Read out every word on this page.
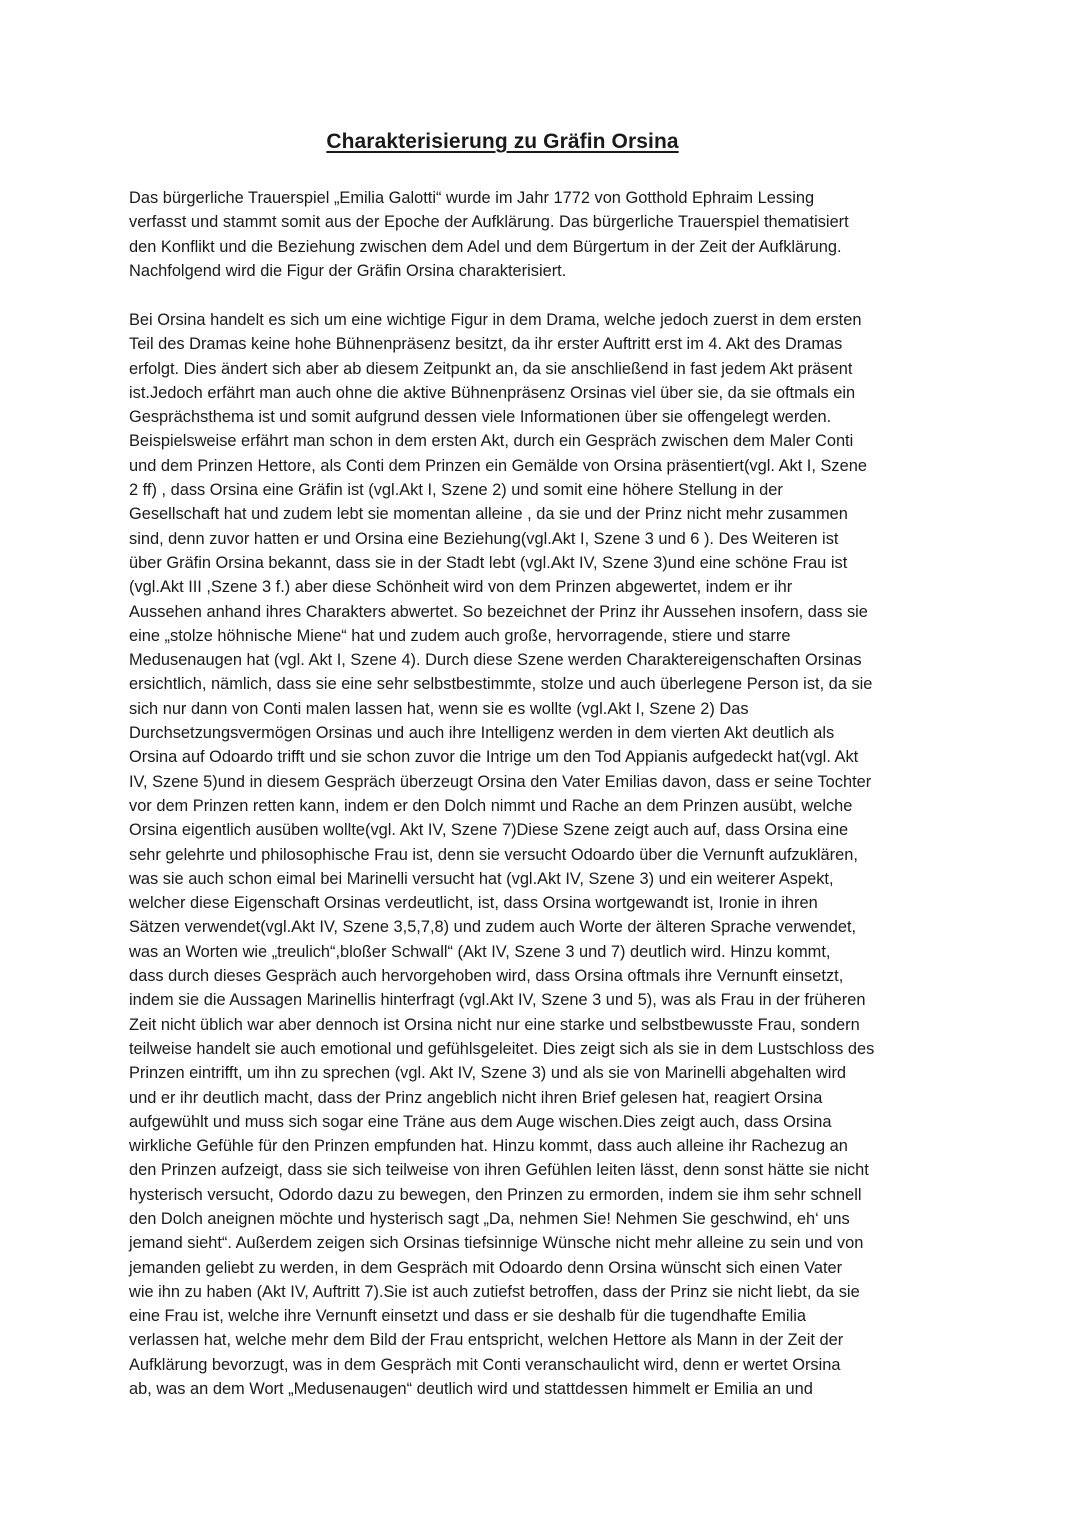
Charakterisierung zu Gräfin Orsina
Das bürgerliche Trauerspiel „Emilia Galotti“ wurde im Jahr 1772 von Gotthold Ephraim Lessing
verfasst und stammt somit aus der Epoche der Aufklärung. Das bürgerliche Trauerspiel thematisiert
den Konflikt und die Beziehung zwischen dem Adel und dem Bürgertum in der Zeit der Aufklärung.
Nachfolgend wird die Figur der Gräfin Orsina charakterisiert.
Bei Orsina handelt es sich um eine wichtige Figur in dem Drama, welche jedoch zuerst in dem ersten
Teil des Dramas keine hohe Bühnenpräsenz besitzt, da ihr erster Auftritt erst im 4. Akt des Dramas
erfolgt. Dies ändert sich aber ab diesem Zeitpunkt an, da sie anschließend in fast jedem Akt präsent
ist.Jedoch erfährt man auch ohne die aktive Bühnenpräsenz Orsinas viel über sie, da sie oftmals ein
Gesprächsthema ist und somit aufgrund dessen viele Informationen über sie offengelegt werden.
Beispielsweise erfährt man schon in dem ersten Akt, durch ein Gespräch zwischen dem Maler Conti
und dem Prinzen Hettore, als Conti dem Prinzen ein Gemälde von Orsina präsentiert(vgl. Akt I, Szene
2 ff) , dass Orsina eine Gräfin ist (vgl.Akt I, Szene 2) und somit eine höhere Stellung in der
Gesellschaft hat und zudem lebt sie momentan alleine , da sie und der Prinz nicht mehr zusammen
sind, denn zuvor hatten er und Orsina eine Beziehung(vgl.Akt I, Szene 3 und 6 ). Des Weiteren ist
über Gräfin Orsina bekannt, dass sie in der Stadt lebt (vgl.Akt IV, Szene 3)und eine schöne Frau ist
(vgl.Akt III ,Szene 3 f.) aber diese Schönheit wird von dem Prinzen abgewertet, indem er ihr
Aussehen anhand ihres Charakters abwertet. So bezeichnet der Prinz ihr Aussehen insofern, dass sie
eine „stolze höhnische Miene“ hat und zudem auch große, hervorragende, stiere und starre
Medusenaugen hat (vgl. Akt I, Szene 4). Durch diese Szene werden Charaktereigenschaften Orsinas
ersichtlich, nämlich, dass sie eine sehr selbstbestimmte, stolze und auch überlegene Person ist, da sie
sich nur dann von Conti malen lassen hat, wenn sie es wollte (vgl.Akt I, Szene 2) Das
Durchsetzungsvermögen Orsinas und auch ihre Intelligenz werden in dem vierten Akt deutlich als
Orsina auf Odoardo trifft und sie schon zuvor die Intrige um den Tod Appianis aufgedeckt hat(vgl. Akt
IV, Szene 5)und in diesem Gespräch überzeugt Orsina den Vater Emilias davon, dass er seine Tochter
vor dem Prinzen retten kann, indem er den Dolch nimmt und Rache an dem Prinzen ausübt, welche
Orsina eigentlich ausüben wollte(vgl. Akt IV, Szene 7)Diese Szene zeigt auch auf, dass Orsina eine
sehr gelehrte und philosophische Frau ist, denn sie versucht Odoardo über die Vernunft aufzuklären,
was sie auch schon eimal bei Marinelli versucht hat (vgl.Akt IV, Szene 3) und ein weiterer Aspekt,
welcher diese Eigenschaft Orsinas verdeutlicht, ist, dass Orsina wortgewandt ist, Ironie in ihren
Sätzen verwendet(vgl.Akt IV, Szene 3,5,7,8) und zudem auch Worte der älteren Sprache verwendet,
was an Worten wie „treulich“,bloßer Schwall“ (Akt IV, Szene 3 und 7) deutlich wird. Hinzu kommt,
dass durch dieses Gespräch auch hervorgehoben wird, dass Orsina oftmals ihre Vernunft einsetzt,
indem sie die Aussagen Marinellis hinterfragt (vgl.Akt IV, Szene 3 und 5), was als Frau in der früheren
Zeit nicht üblich war aber dennoch ist Orsina nicht nur eine starke und selbstbewusste Frau, sondern
teilweise handelt sie auch emotional und gefühlsgeleitet. Dies zeigt sich als sie in dem Lustschloss des
Prinzen eintrifft, um ihn zu sprechen (vgl. Akt IV, Szene 3) und als sie von Marinelli abgehalten wird
und er ihr deutlich macht, dass der Prinz angeblich nicht ihren Brief gelesen hat, reagiert Orsina
aufgewühlt und muss sich sogar eine Träne aus dem Auge wischen.Dies zeigt auch, dass Orsina
wirkliche Gefühle für den Prinzen empfunden hat. Hinzu kommt, dass auch alleine ihr Rachezug an
den Prinzen aufzeigt, dass sie sich teilweise von ihren Gefühlen leiten lässt, denn sonst hätte sie nicht
hysterisch versucht, Odordo dazu zu bewegen, den Prinzen zu ermorden, indem sie ihm sehr schnell
den Dolch aneignen möchte und hysterisch sagt „Da, nehmen Sie! Nehmen Sie geschwind, eh‘ uns
jemand sieht“. Außerdem zeigen sich Orsinas tiefsinnige Wünsche nicht mehr alleine zu sein und von
jemanden geliebt zu werden, in dem Gespräch mit Odoardo denn Orsina wünscht sich einen Vater
wie ihn zu haben (Akt IV, Auftritt 7).Sie ist auch zutiefst betroffen, dass der Prinz sie nicht liebt, da sie
eine Frau ist, welche ihre Vernunft einsetzt und dass er sie deshalb für die tugendhafte Emilia
verlassen hat, welche mehr dem Bild der Frau entspricht, welchen Hettore als Mann in der Zeit der
Aufklärung bevorzugt, was in dem Gespräch mit Conti veranschaulicht wird, denn er wertet Orsina
ab, was an dem Wort „Medusenaugen“ deutlich wird und stattdessen himmelt er Emilia an und
